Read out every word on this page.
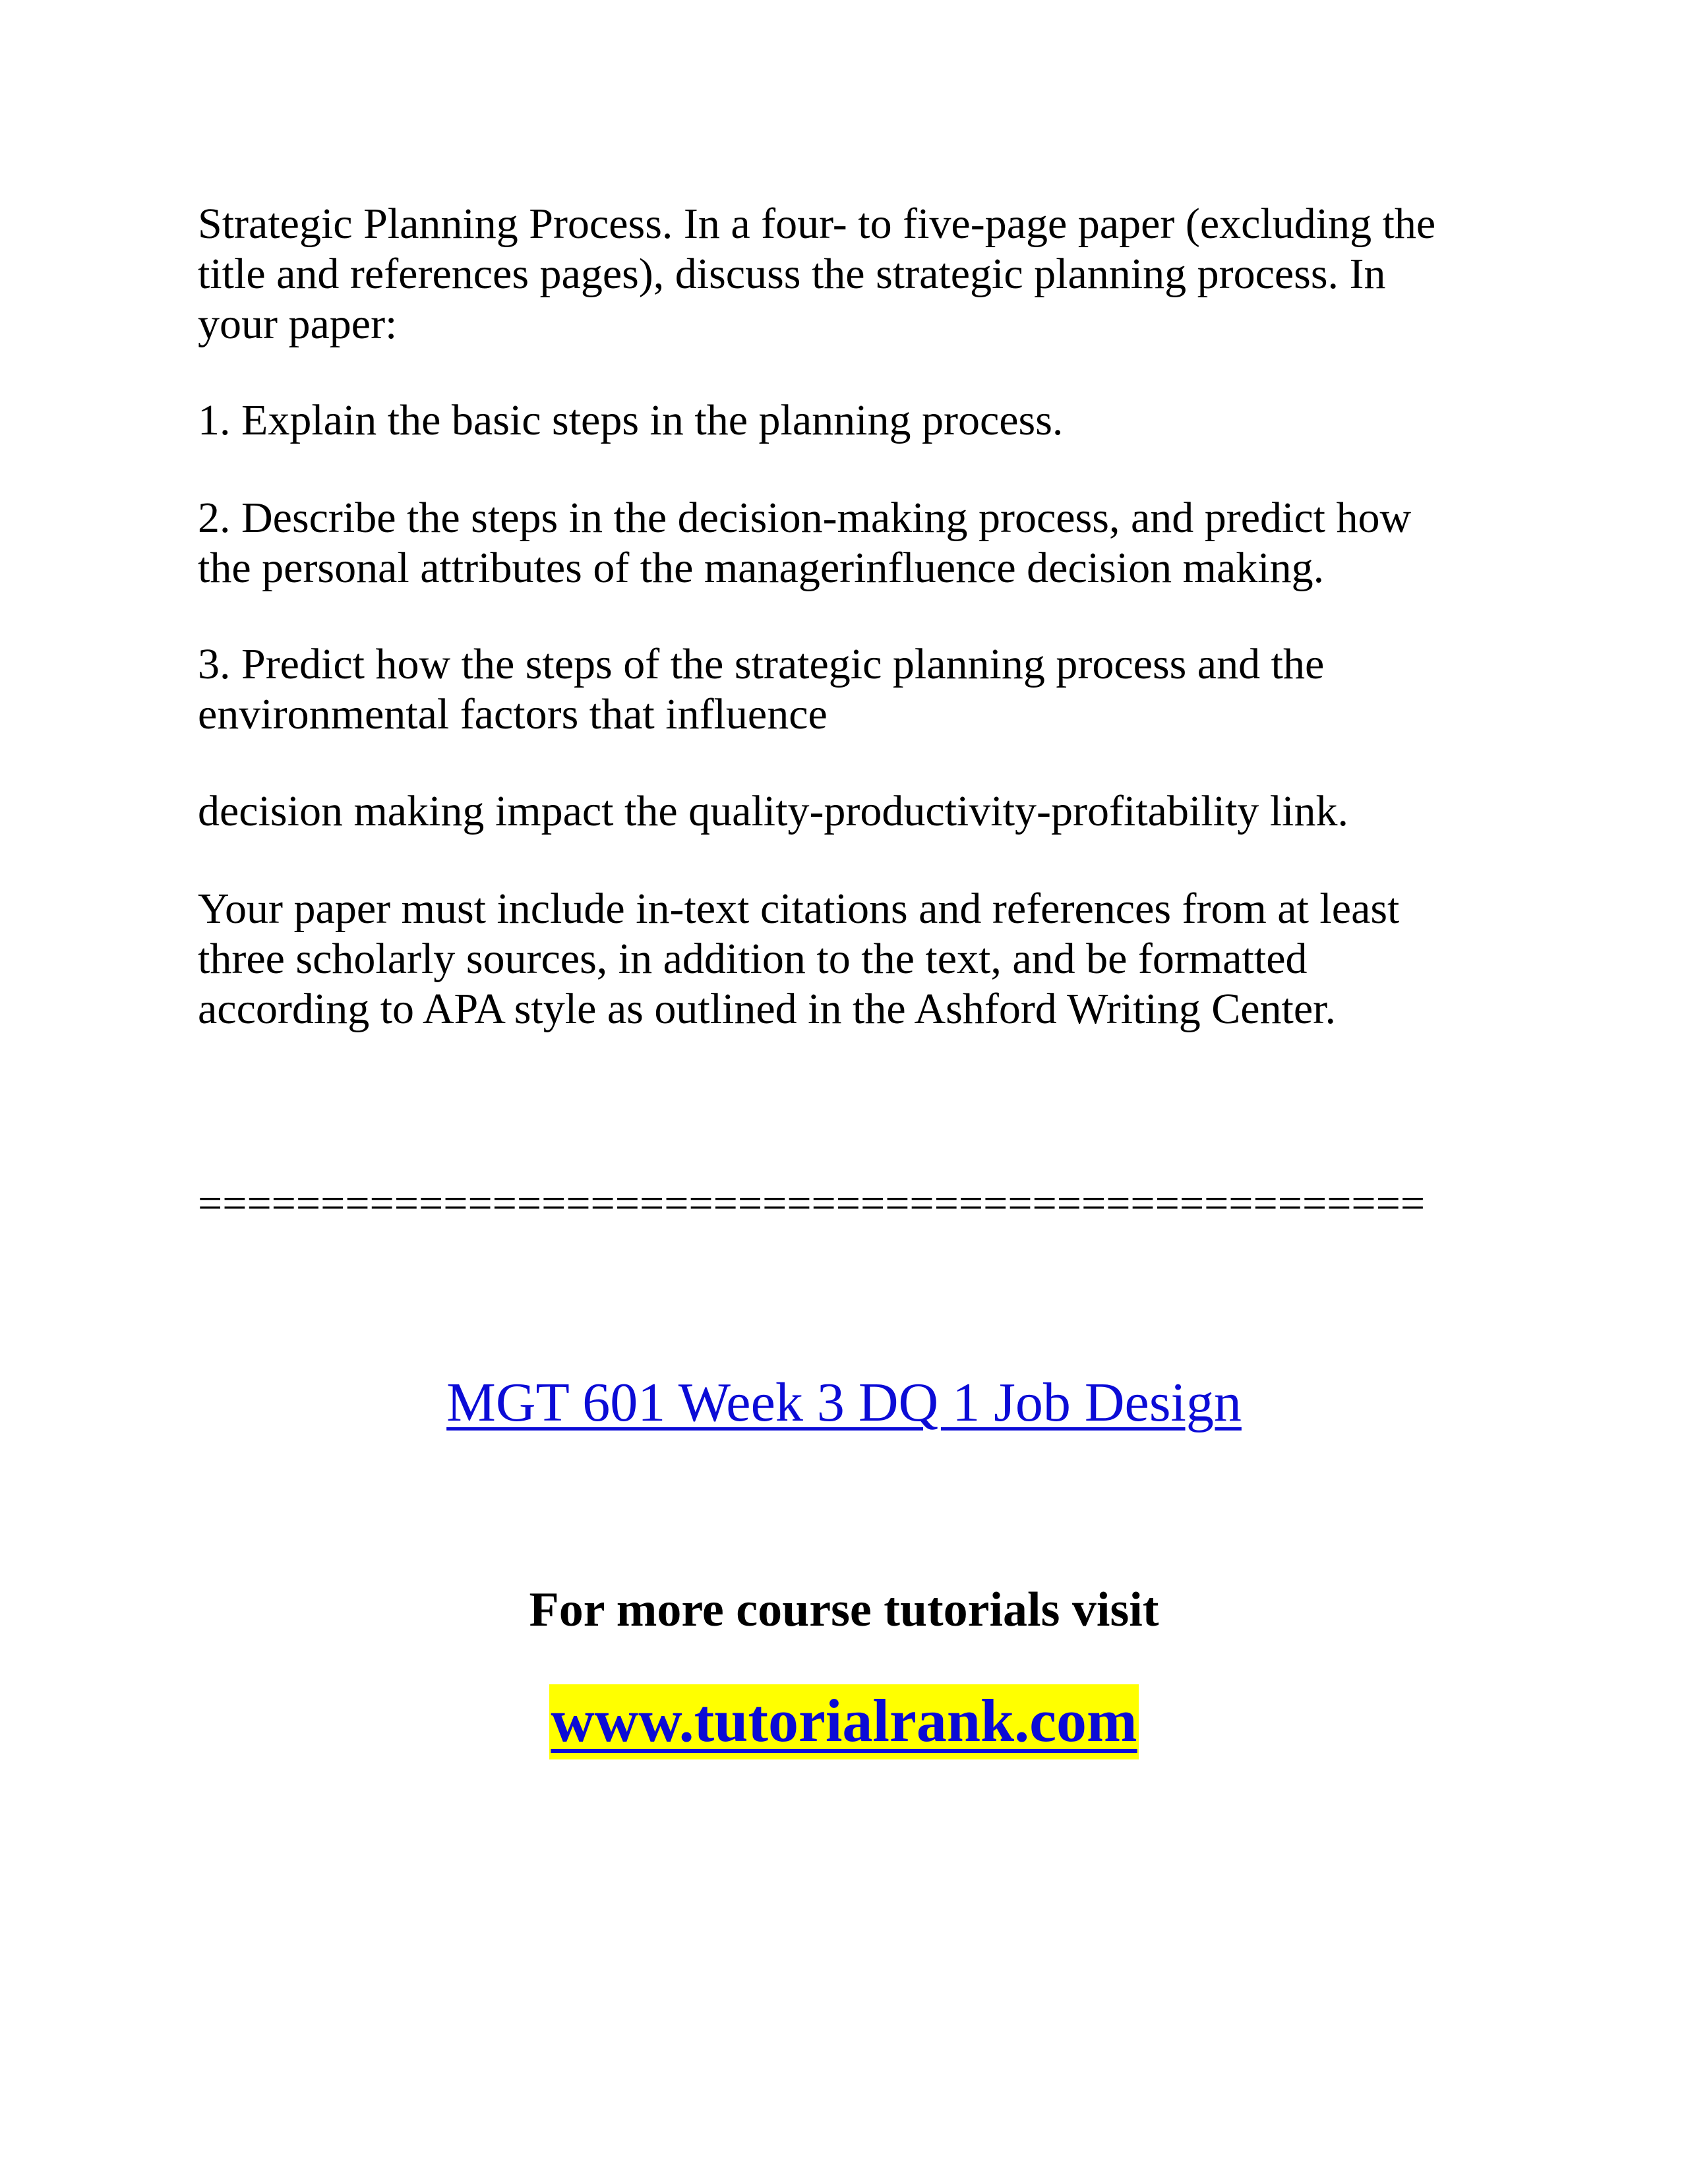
Strategic Planning Process. In a four- to five-page paper (excluding the
title and references pages), discuss the strategic planning process. In
your paper:

1. Explain the basic steps in the planning process.

2. Describe the steps in the decision-making process, and predict how
the personal attributes of the managerinfluence decision making.

3. Predict how the steps of the strategic planning process and the
environmental factors that influence

decision making impact the quality-productivity-profitability link.

Your paper must include in-text citations and references from at least
three scholarly sources, in addition to the text, and be formatted
according to APA style as outlined in the Ashford Writing Center.

==================================================

MGT 601 Week 3 DQ 1 Job Design

For more course tutorials visit

www.tutorialrank.com
